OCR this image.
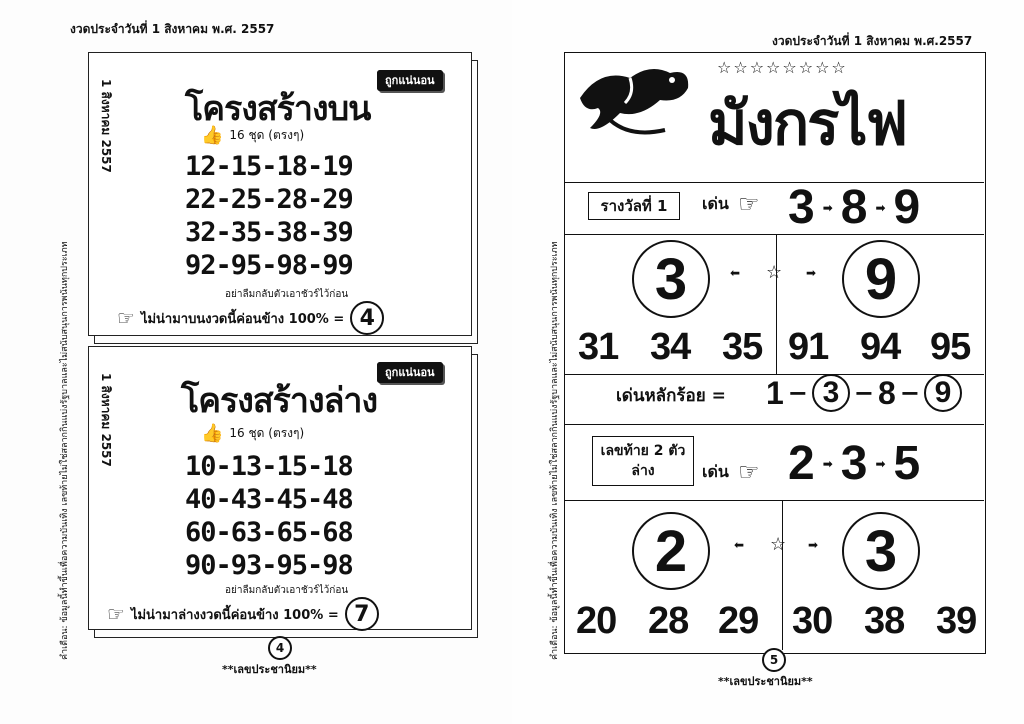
งวดประจำวันที่ 1 สิงหาคม พ.ศ. 2557
คำเตือน: ข้อมูลนี้ทำขึ้นเพื่อความบันเทิง เลขท้ายไม่ใช่สลากกินแบ่งรัฐบาลและไม่สนับสนุนการพนันทุกประเภท
1 สิงหาคม 2557	ถูกแน่นอน
โครงสร้างบน
👍 16 ชุด (ตรงๆ)
12-15-18-19
22-25-28-29
32-35-38-39
92-95-98-99
อย่าลืมกลับตัวเอาชัวร์ไว้ก่อน
☞ ไม่น่ามาบนงวดนี้ค่อนข้าง 100% = 4
1 สิงหาคม 2557
ถูกแน่นอน
โครงสร้างล่าง
👍 16 ชุด (ตรงๆ)
10-13-15-18
40-43-45-48
60-63-65-68
90-93-95-98
อย่าลืมกลับตัวเอาชัวร์ไว้ก่อน
☞ ไม่น่ามาล่างงวดนี้ค่อนข้าง 100% = 7
4
**เลขประชานิยม**
งวดประจำวันที่ 1 สิงหาคม พ.ศ.2557
คำเตือน: ข้อมูลนี้ทำขึ้นเพื่อความบันเทิง เลขท้ายไม่ใช่สลากกินแบ่งรัฐบาลและไม่สนับสนุนการพนันทุกประเภท
☆☆☆☆☆☆☆☆
มังกรไฟ
รางวัลที่ 1	เด่น ☞ 3 ➡ 8 ➡ 9
3	⬅ ☆ ➡ 9
31 34 35 91 94 95
เด่นหลักร้อย = 1 − 3 − 8 − 9
เลขท้าย 2 ตัว
ล่าง	เด่น ☞ 2 ➡ 3 ➡ 5
2	⬅ ☆ ➡ 3
20 28 29 30 38 39
5
**เลขประชานิยม**
